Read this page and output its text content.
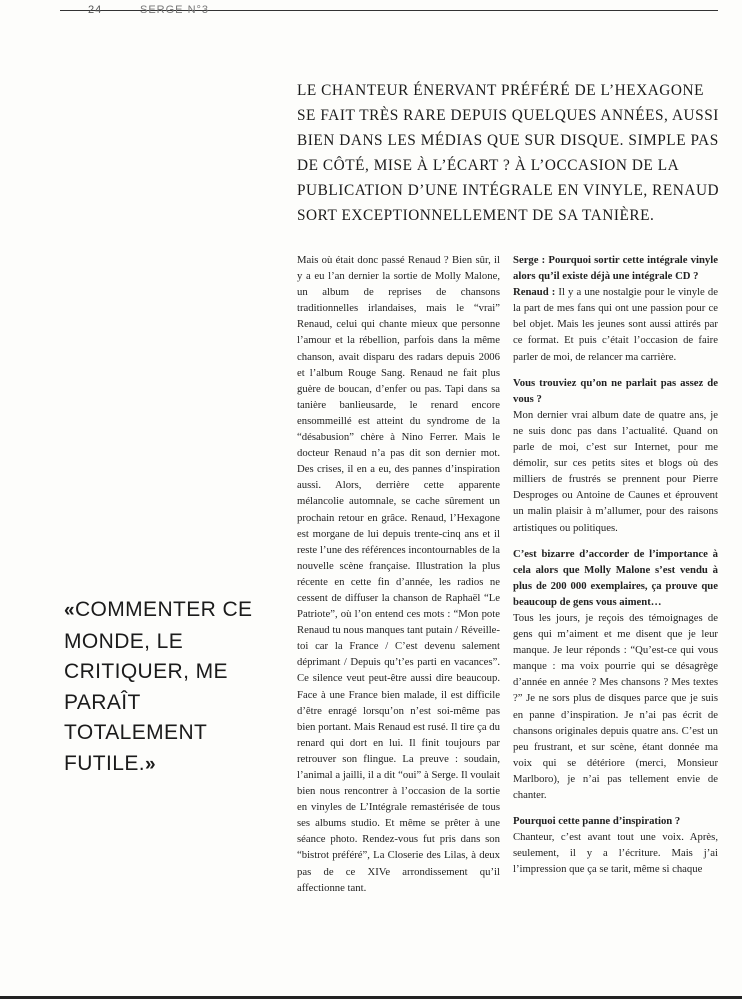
24	SERGE N°3
LE CHANTEUR ÉNERVANT PRÉFÉRÉ DE L’HEXAGONE SE FAIT TRÈS RARE DEPUIS QUELQUES ANNÉES, AUSSI BIEN DANS LES MÉDIAS QUE SUR DISQUE. SIMPLE PAS DE CÔTÉ, MISE À L’ÉCART ? À L’OCCASION DE LA PUBLICATION D’UNE INTÉGRALE EN VINYLE, RENAUD SORT EXCEPTIONNELLEMENT DE SA TANIÈRE.
«COMMENTER CE MONDE, LE CRITIQUER, ME PARAÎT TOTALEMENT FUTILE.»

Mais où était donc passé Renaud ? Bien sûr, il y a eu l’an dernier la sortie de Molly Malone, un album de reprises de chansons traditionnelles irlandaises, mais le “vrai” Renaud, celui qui chante mieux que personne l’amour et la rébellion, parfois dans la même chanson, avait disparu des radars depuis 2006 et l’album Rouge Sang. Renaud ne fait plus guère de boucan, d’enfer ou pas. Tapi dans sa tanière banlieusarde, le renard encore ensommeillé est atteint du syndrome de la “désabusion” chère à Nino Ferrer. Mais le docteur Renaud n’a pas dit son dernier mot. Des crises, il en a eu, des pannes d’inspiration aussi. Alors, derrière cette apparente mélancolie automnale, se cache sûrement un prochain retour en grâce. Renaud, l’Hexagone est morgane de lui depuis trente-cinq ans et il reste l’une des références incontournables de la nouvelle scène française. Illustration la plus récente en cette fin d’année, les radios ne cessent de diffuser la chanson de Raphaël “Le Patriote”, où l’on entend ces mots : “Mon pote Renaud tu nous manques tant putain / Réveille-toi car la France / C’est devenu salement déprimant / Depuis qu’t’es parti en vacances”. Ce silence veut peut-être aussi dire beaucoup. Face à une France bien malade, il est difficile d’être enragé lorsqu’on n’est soi-même pas bien portant. Mais Renaud est rusé. Il tire ça du renard qui dort en lui. Il finit toujours par retrouver son flingue. La preuve : soudain, l’animal a jailli, il a dit “oui” à Serge. Il voulait bien nous rencontrer à l’occasion de la sortie en vinyles de L’Intégrale remastérisée de tous ses albums studio. Et même se prêter à une séance photo. Rendez-vous fut pris dans son “bistrot préféré”, La Closerie des Lilas, à deux pas de ce XIVe arrondissement qu’il affectionne tant.

Serge : Pourquoi sortir cette intégrale vinyle alors qu’il existe déjà une intégrale CD ?

Renaud : Il y a une nostalgie pour le vinyle de la part de mes fans qui ont une passion pour ce bel objet. Mais les jeunes sont aussi attirés par ce format. Et puis c’était l’occasion de faire parler de moi, de relancer ma carrière.

Vous trouviez qu’on ne parlait pas assez de vous ?

Mon dernier vrai album date de quatre ans, je ne suis donc pas dans l’actualité. Quand on parle de moi, c’est sur Internet, pour me démolir, sur ces petits sites et blogs où des milliers de frustrés se prennent pour Pierre Desproges ou Antoine de Caunes et éprouvent un malin plaisir à m’allumer, pour des raisons artistiques ou politiques.

C’est bizarre d’accorder de l’importance à cela alors que Molly Malone s’est vendu à plus de 200 000 exemplaires, ça prouve que beaucoup de gens vous aiment…

Tous les jours, je reçois des témoignages de gens qui m’aiment et me disent que je leur manque. Je leur réponds : “Qu’est-ce qui vous manque : ma voix pourrie qui se désagrège d’année en année ? Mes chansons ? Mes textes ?” Je ne sors plus de disques parce que je suis en panne d’inspiration. Je n’ai pas écrit de chansons originales depuis quatre ans. C’est un peu frustrant, et sur scène, étant donnée ma voix qui se détériore (merci, Monsieur Marlboro), je n’ai pas tellement envie de chanter.

Pourquoi cette panne d’inspiration ?

Chanteur, c’est avant tout une voix. Après, seulement, il y a l’écriture. Mais j’ai l’impression que ça se tarit, même si chaque
